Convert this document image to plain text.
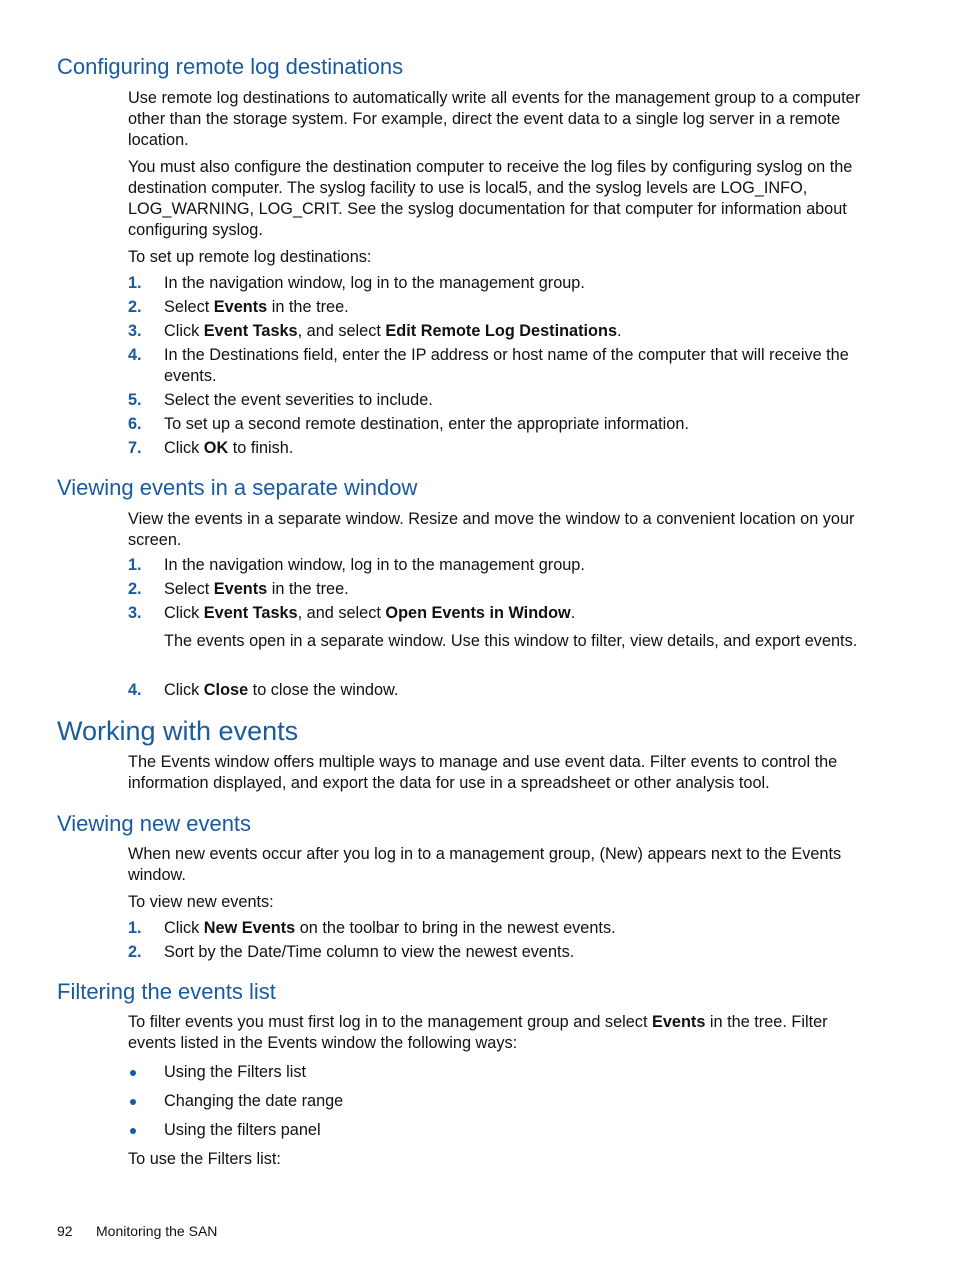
Configuring remote log destinations

Use remote log destinations to automatically write all events for the management group to a computer other than the storage system. For example, direct the event data to a single log server in a remote location.

You must also configure the destination computer to receive the log files by configuring syslog on the destination computer. The syslog facility to use is local5, and the syslog levels are LOG_INFO, LOG_WARNING, LOG_CRIT. See the syslog documentation for that computer for information about configuring syslog.

To set up remote log destinations:

1. In the navigation window, log in to the management group.
2. Select Events in the tree.
3. Click Event Tasks, and select Edit Remote Log Destinations.
4. In the Destinations field, enter the IP address or host name of the computer that will receive the events.
5. Select the event severities to include.
6. To set up a second remote destination, enter the appropriate information.
7. Click OK to finish.
Viewing events in a separate window

View the events in a separate window. Resize and move the window to a convenient location on your screen.

1. In the navigation window, log in to the management group.
2. Select Events in the tree.
3. Click Event Tasks, and select Open Events in Window.

The events open in a separate window. Use this window to filter, view details, and export events.

4. Click Close to close the window.
Working with events

The Events window offers multiple ways to manage and use event data. Filter events to control the information displayed, and export the data for use in a spreadsheet or other analysis tool.

Viewing new events

When new events occur after you log in to a management group, (New) appears next to the Events window.

To view new events:

1. Click New Events on the toolbar to bring in the newest events.
2. Sort by the Date/Time column to view the newest events.
Filtering the events list

To filter events you must first log in to the management group and select Events in the tree. Filter events listed in the Events window the following ways:

Using the Filters list
Changing the date range
Using the filters panel

To use the Filters list:

92 Monitoring the SAN
